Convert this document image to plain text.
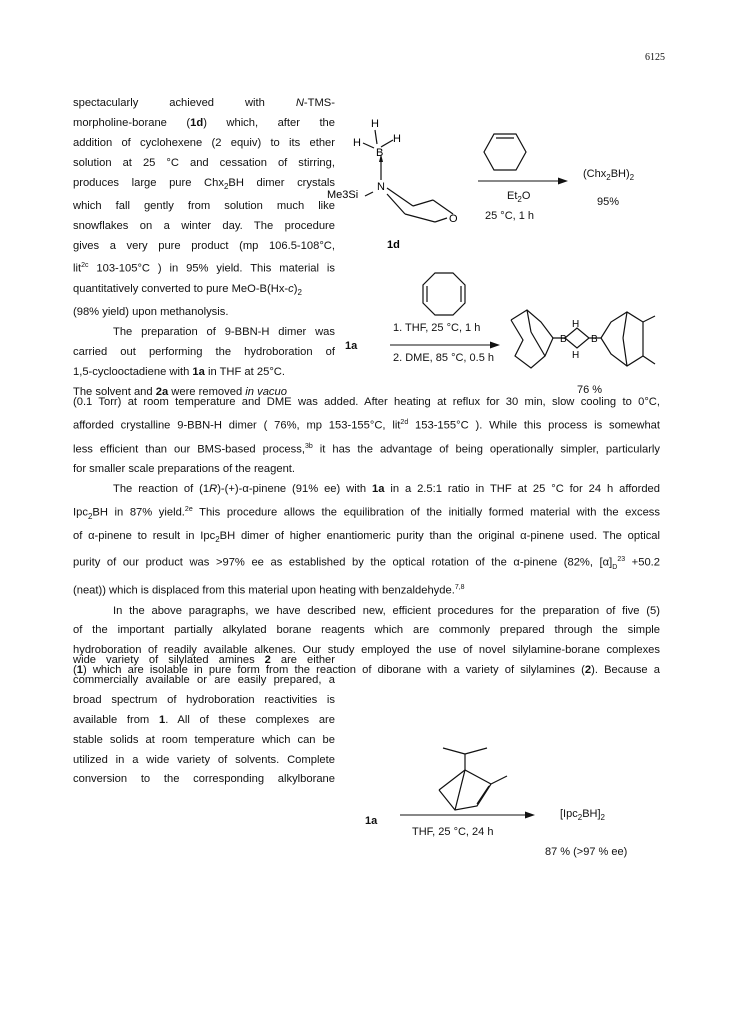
6125
spectacularly achieved with N-TMS-
morpholine-borane (1d) which, after the
addition of cyclohexene (2 equiv) to its ether
solution at 25 °C and cessation of stirring,
produces large pure Chx$_2$BH dimer crystals
which fall gently from solution much like
snowflakes on a winter day. The procedure
gives a very pure product (mp 106.5-108°C,
lit$^{2c}$ 103-105°C ) in 95% yield. This material is
quantitatively converted to pure MeO-$B(Hx-c)_2$
(98% yield) upon methanolysis.
The preparation of 9-BBN-H dimer was
carried out performing the hydroboration of
1,5-cyclooctadiene with 1a in THF at 25°C.
The solvent and 2a were removed in vacuo
(0.1 Torr) at room temperature and DME was added. After heating at reflux for 30 min, slow cooling to 0°C,
afforded crystalline 9-BBN-H dimer ( 76%, mp 153-155°C, lit$^{2d}$ 153-155°C ). While this process is somewhat
less efficient than our BMS-based process,$^{3b}$ it has the advantage of being operationally simpler, particularly
for smaller scale preparations of the reagent.
The reaction of (1R)-(+)-α-pinene (91% ee) with 1a in a 2.5:1 ratio in THF at 25 °C for 24 h afforded
Ipc$_2$BH in 87% yield.$^{2e}$ This procedure allows the equilibration of the initially formed material with the excess
of α-pinene to result in Ipc$_2$BH dimer of higher enantiomeric purity than the original α-pinene used. The optical
purity of our product was >97% ee as established by the optical rotation of the α-pinene (82%, $[\alpha]_D^{23} +50.2$
(neat)) which is displaced from this material upon heating with benzaldehyde.$^{7,8}$
In the above paragraphs, we have described new, efficient procedures for the preparation of five (5)
of the important partially alkylated borane reagents which are commonly prepared through the simple
hydroboration of readily available alkenes. Our study employed the use of novel silylamine-borane complexes
(1) which are isolable in pure form from the reaction of diborane with a variety of silylamines (2). Because a
wide variety of silylated amines 2 are either
commercially available or are easily prepared, a
broad spectrum of hydroboration reactivities is
available from 1. All of these complexes are
stable solids at room temperature which can be
utilized in a wide variety of solvents. Complete
conversion to the corresponding alkylborane
H
H	H
B
N
O
Me3Si
1d
$Et_2O$
25 °C, 1 h
$(Chx_2BH)_2$
95%
1a
1. THF, 25 °C, 1 h
2. DME, 85 °C, 0.5 h
B B
H
H
76 %
1a
THF, 25 °C, 24 h
$[Ipc_2BH]_2$
87 % (>97 % ee)
